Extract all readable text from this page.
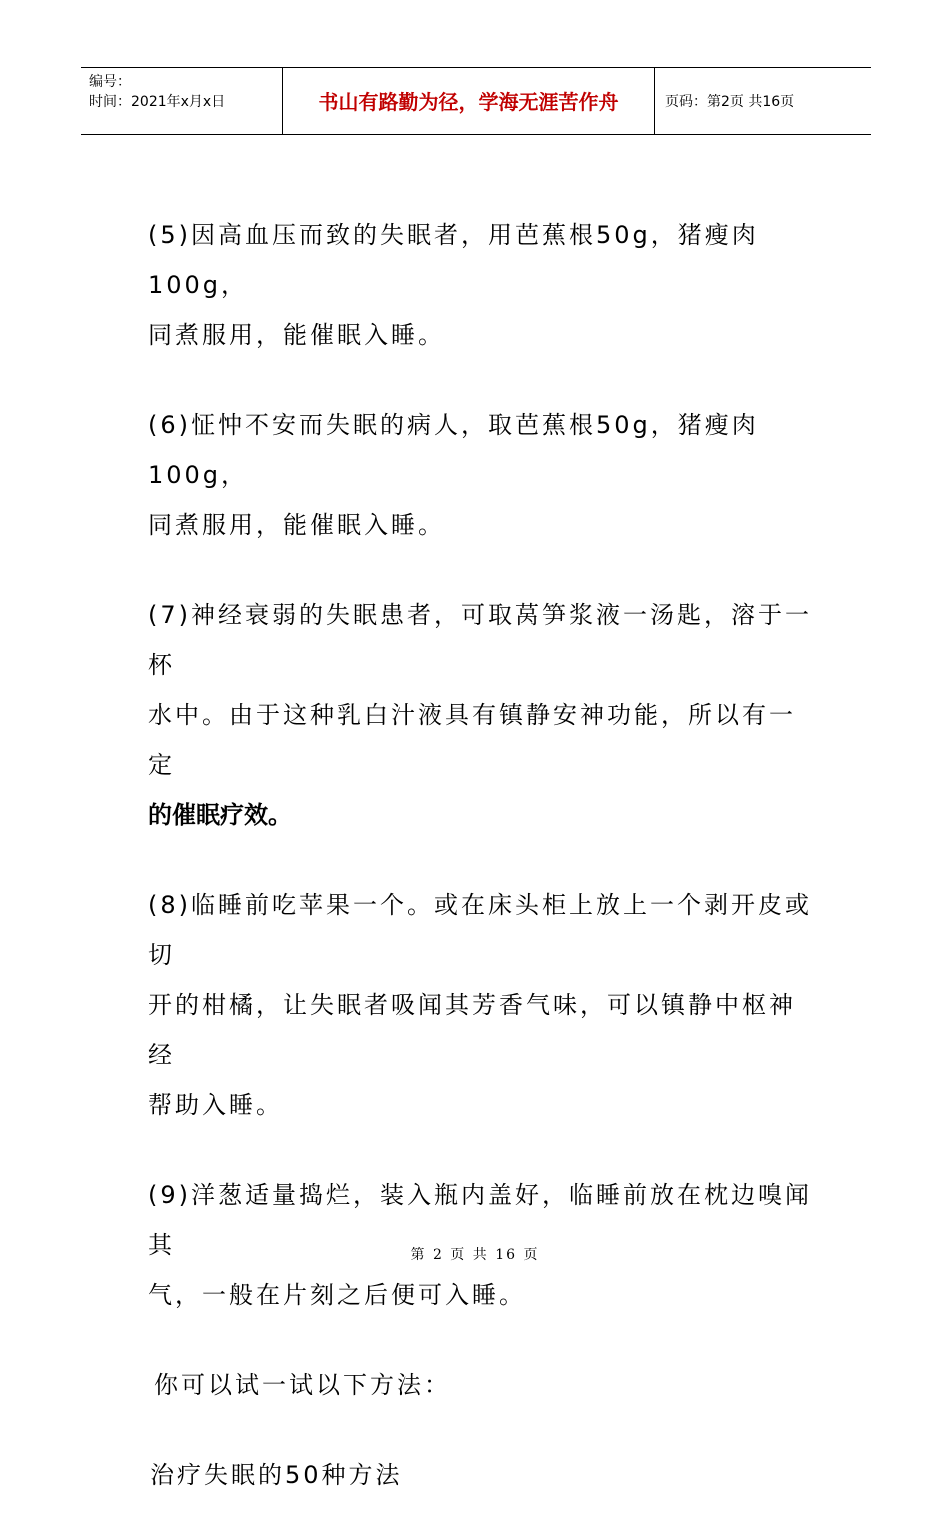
编号：
时间：2021年x月x日	书山有路勤为径，学海无涯苦作舟	页码：第2页 共16页
(5)因高血压而致的失眠者，用芭蕉根50g，猪瘦肉100g，
同煮服用，能催眠入睡。
(6)怔忡不安而失眠的病人，取芭蕉根50g，猪瘦肉100g，
同煮服用，能催眠入睡。
(7)神经衰弱的失眠患者，可取莴笋浆液一汤匙，溶于一杯
水中。由于这种乳白汁液具有镇静安神功能，所以有一定
的催眠疗效。
(8)临睡前吃苹果一个。或在床头柜上放上一个剥开皮或切
开的柑橘，让失眠者吸闻其芳香气味，可以镇静中枢神经
帮助入睡。
(9)洋葱适量捣烂，装入瓶内盖好，临睡前放在枕边嗅闻其
气，一般在片刻之后便可入睡。
你可以试一试以下方法：
治疗失眠的50种方法
第 2 页 共 16 页
